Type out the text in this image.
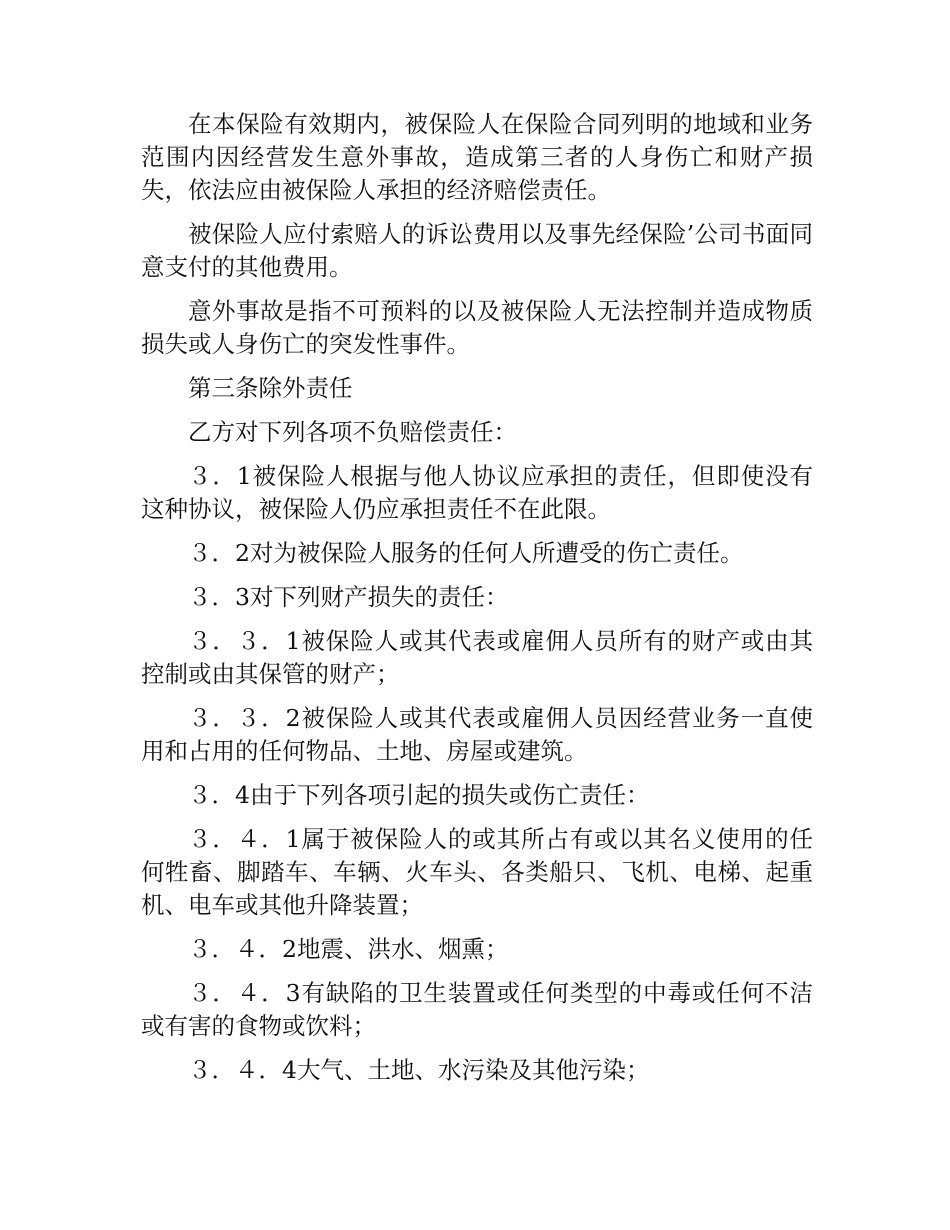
在本保险有效期内，被保险人在保险合同列明的地域和业务范围内因经营发生意外事故，造成第三者的人身伤亡和财产损失，依法应由被保险人承担的经济赔偿责任。

被保险人应付索赔人的诉讼费用以及事先经保险’公司书面同意支付的其他费用。

意外事故是指不可预料的以及被保险人无法控制并造成物质损失或人身伤亡的突发性事件。

第三条除外责任

乙方对下列各项不负赔偿责任：

３．1被保险人根据与他人协议应承担的责任，但即使没有这种协议，被保险人仍应承担责任不在此限。

３．2对为被保险人服务的任何人所遭受的伤亡责任。

３．3对下列财产损失的责任：

３．３．1被保险人或其代表或雇佣人员所有的财产或由其控制或由其保管的财产；

３．３．2被保险人或其代表或雇佣人员因经营业务一直使用和占用的任何物品、土地、房屋或建筑。

３．4由于下列各项引起的损失或伤亡责任：

３．４．1属于被保险人的或其所占有或以其名义使用的任何牲畜、脚踏车、车辆、火车头、各类船只、飞机、电梯、起重机、电车或其他升降装置；

３．４．2地震、洪水、烟熏；

３．４．3有缺陷的卫生装置或任何类型的中毒或任何不洁或有害的食物或饮料；

３．４．4大气、土地、水污染及其他污染；
